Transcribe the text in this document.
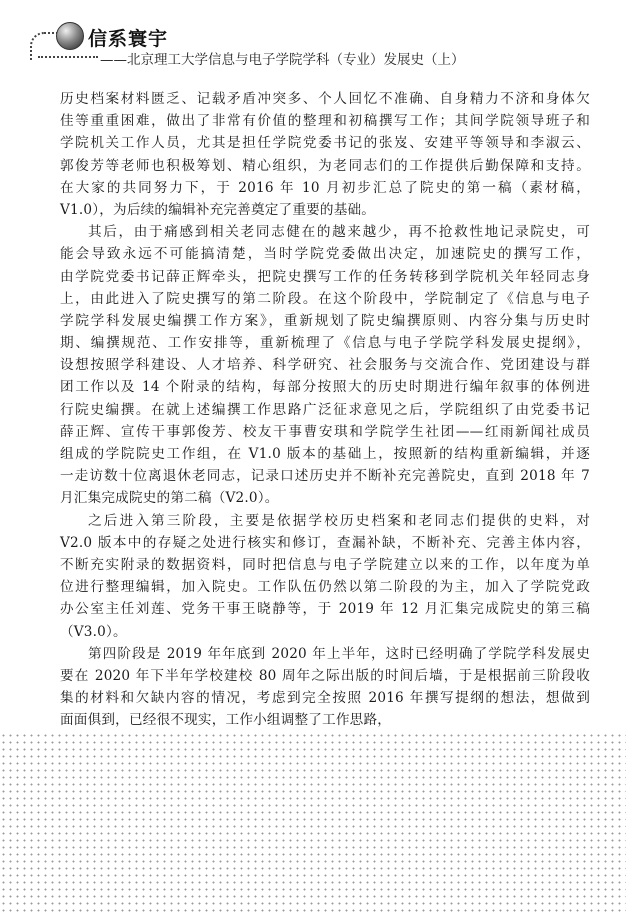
信系寰宇
——北京理工大学信息与电子学院学科（专业）发展史（上）
历史档案材料匮乏、记载矛盾冲突多、个人回忆不准确、自身精力不济和身体欠
佳等重重困难，做出了非常有价值的整理和初稿撰写工作；其间学院领导班子和
学院机关工作人员，尤其是担任学院党委书记的张岌、安建平等领导和李淑云、
郭俊芳等老师也积极筹划、精心组织，为老同志们的工作提供后勤保障和支持。
在大家的共同努力下，于 2016 年 10 月初步汇总了院史的第一稿（素材稿，
V1.0），为后续的编辑补充完善奠定了重要的基础。
其后，由于痛感到相关老同志健在的越来越少，再不抢救性地记录院史，可
能会导致永远不可能搞清楚，当时学院党委做出决定，加速院史的撰写工作，
由学院党委书记薛正辉牵头，把院史撰写工作的任务转移到学院机关年轻同志身
上，由此进入了院史撰写的第二阶段。在这个阶段中，学院制定了《信息与电子
学院学科发展史编撰工作方案》，重新规划了院史编撰原则、内容分集与历史时
期、编撰规范、工作安排等，重新梳理了《信息与电子学院学科发展史提纲》，
设想按照学科建设、人才培养、科学研究、社会服务与交流合作、党团建设与群
团工作以及 14 个附录的结构，每部分按照大的历史时期进行编年叙事的体例进
行院史编撰。在就上述编撰工作思路广泛征求意见之后，学院组织了由党委书记
薛正辉、宣传干事郭俊芳、校友干事曹安琪和学院学生社团——红雨新闻社成员
组成的学院院史工作组，在 V1.0 版本的基础上，按照新的结构重新编辑，并逐
一走访数十位离退休老同志，记录口述历史并不断补充完善院史，直到 2018 年 7
月汇集完成院史的第二稿（V2.0）。
之后进入第三阶段，主要是依据学校历史档案和老同志们提供的史料，对
V2.0 版本中的存疑之处进行核实和修订，查漏补缺，不断补充、完善主体内容，
不断充实附录的数据资料，同时把信息与电子学院建立以来的工作，以年度为单
位进行整理编辑，加入院史。工作队伍仍然以第二阶段的为主，加入了学院党政
办公室主任刘莲、党务干事王晓静等，于 2019 年 12 月汇集完成院史的第三稿
（V3.0）。
第四阶段是 2019 年年底到 2020 年上半年，这时已经明确了学院学科发展史
要在 2020 年下半年学校建校 80 周年之际出版的时间后墙，于是根据前三阶段收
集的材料和欠缺内容的情况，考虑到完全按照 2016 年撰写提纲的想法，想做到
面面俱到，已经很不现实，工作小组调整了工作思路，
